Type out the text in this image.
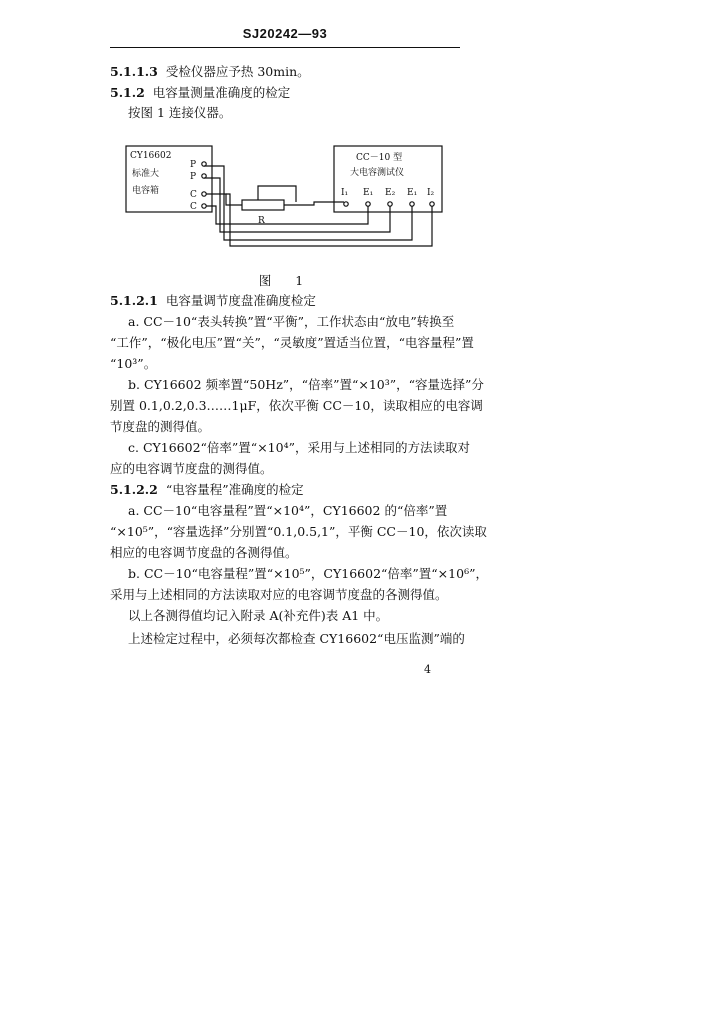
SJ20242—93
5.1.1.3 受检仪器应予热 30min。
5.1.2 电容量测量准确度的检定
按图 1 连接仪器。
CY16602
标准大
电容箱
P
P
C
C
CC－10 型
大电容测试仪
I₁ E₁ E₂ E₁ I₂
R
图 1
5.1.2.1 电容量调节度盘准确度检定
a. CC－10“表头转换”置“平衡”，工作状态由“放电”转换至
“工作”，“极化电压”置“关”，“灵敏度”置适当位置，“电容量程”置
“10³”。
b. CY16602 频率置“50Hz”，“倍率”置“×10³”，“容量选择”分
别置 0.1,0.2,0.3……1μF，依次平衡 CC－10，读取相应的电容调
节度盘的测得值。
c. CY16602“倍率”置“×10⁴”，采用与上述相同的方法读取对
应的电容调节度盘的测得值。
5.1.2.2 “电容量程”准确度的检定
a. CC－10“电容量程”置“×10⁴”，CY16602 的“倍率”置
“×10⁵”，“容量选择”分别置“0.1,0.5,1”，平衡 CC－10，依次读取
相应的电容调节度盘的各测得值。
b. CC－10“电容量程”置“×10⁵”，CY16602“倍率”置“×10⁶”，
采用与上述相同的方法读取对应的电容调节度盘的各测得值。
以上各测得值均记入附录 A(补充件)表 A1 中。
上述检定过程中，必须每次都检查 CY16602“电压监测”端的
4
